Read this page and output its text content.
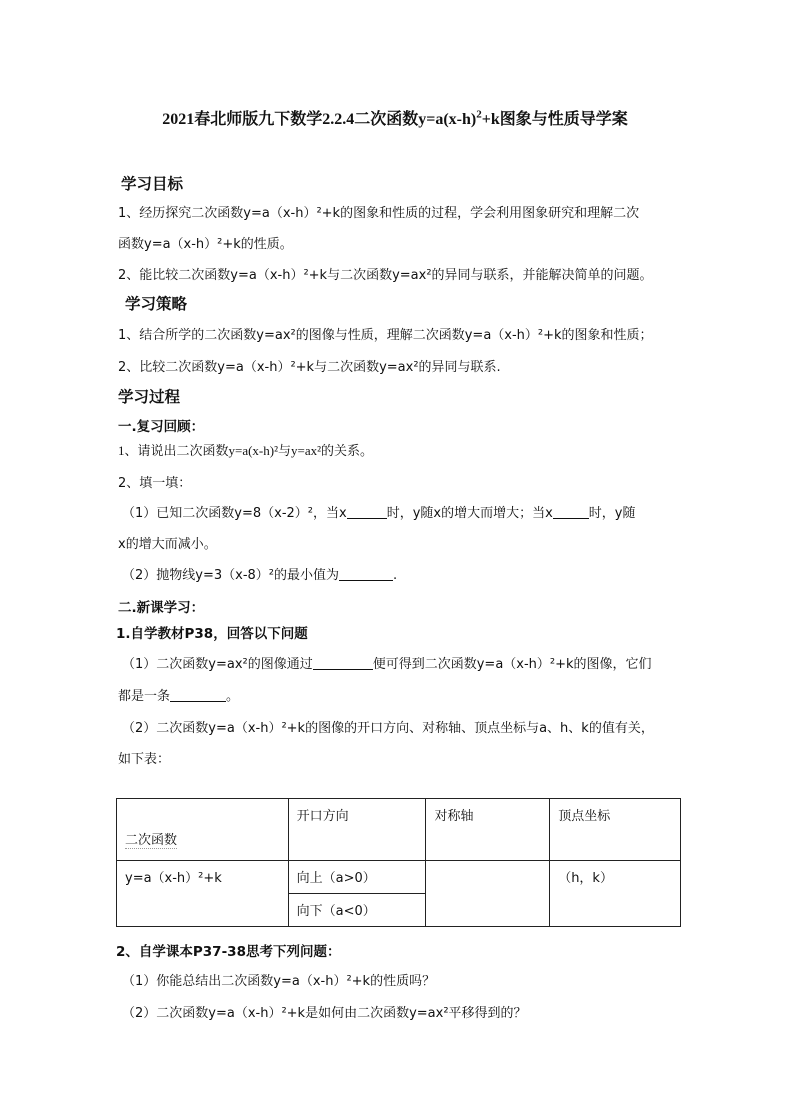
2021春北师版九下数学2.2.4二次函数$y=a(x-h)^2+k$图象与性质导学案
学习目标
1、经历探究二次函数y=a（x-h）²+k的图象和性质的过程，学会利用图象研究和理解二次
函数y=a（x-h）²+k的性质。
2、能比较二次函数y=a（x-h）²+k与二次函数y=ax²的异同与联系，并能解决简单的问题。
学习策略
1、结合所学的二次函数y=ax²的图像与性质，理解二次函数y=a（x-h）²+k的图象和性质；
2、比较二次函数y=a（x-h）²+k与二次函数y=ax²的异同与联系.
学习过程
一.复习回顾：
1、请说出二次函数y=a(x-h)²与y=ax²的关系。
2、填一填：
（1）已知二次函数y=8（x-2）²，当x	时，y随x的增大而增大；当x	时，y随
x的增大而减小。
（2）抛物线y=3（x-8）²的最小值为	.
二.新课学习：
1.自学教材P38，回答以下问题
（1）二次函数y=ax²的图像通过	便可得到二次函数y=a（x-h）²+k的图像，它们
都是一条	。
（2）二次函数y=a（x-h）²+k的图像的开口方向、对称轴、顶点坐标与a、h、k的值有关，
如下表：
二次函数	开口方向	对称轴	顶点坐标

y=a（x-h）²+k	向上（a>0）		（h，k）

	向下（a<0）		
2、自学课本P37-38思考下列问题：
（1）你能总结出二次函数y=a（x-h）²+k的性质吗？
（2）二次函数y=a（x-h）²+k是如何由二次函数y=ax²平移得到的？
